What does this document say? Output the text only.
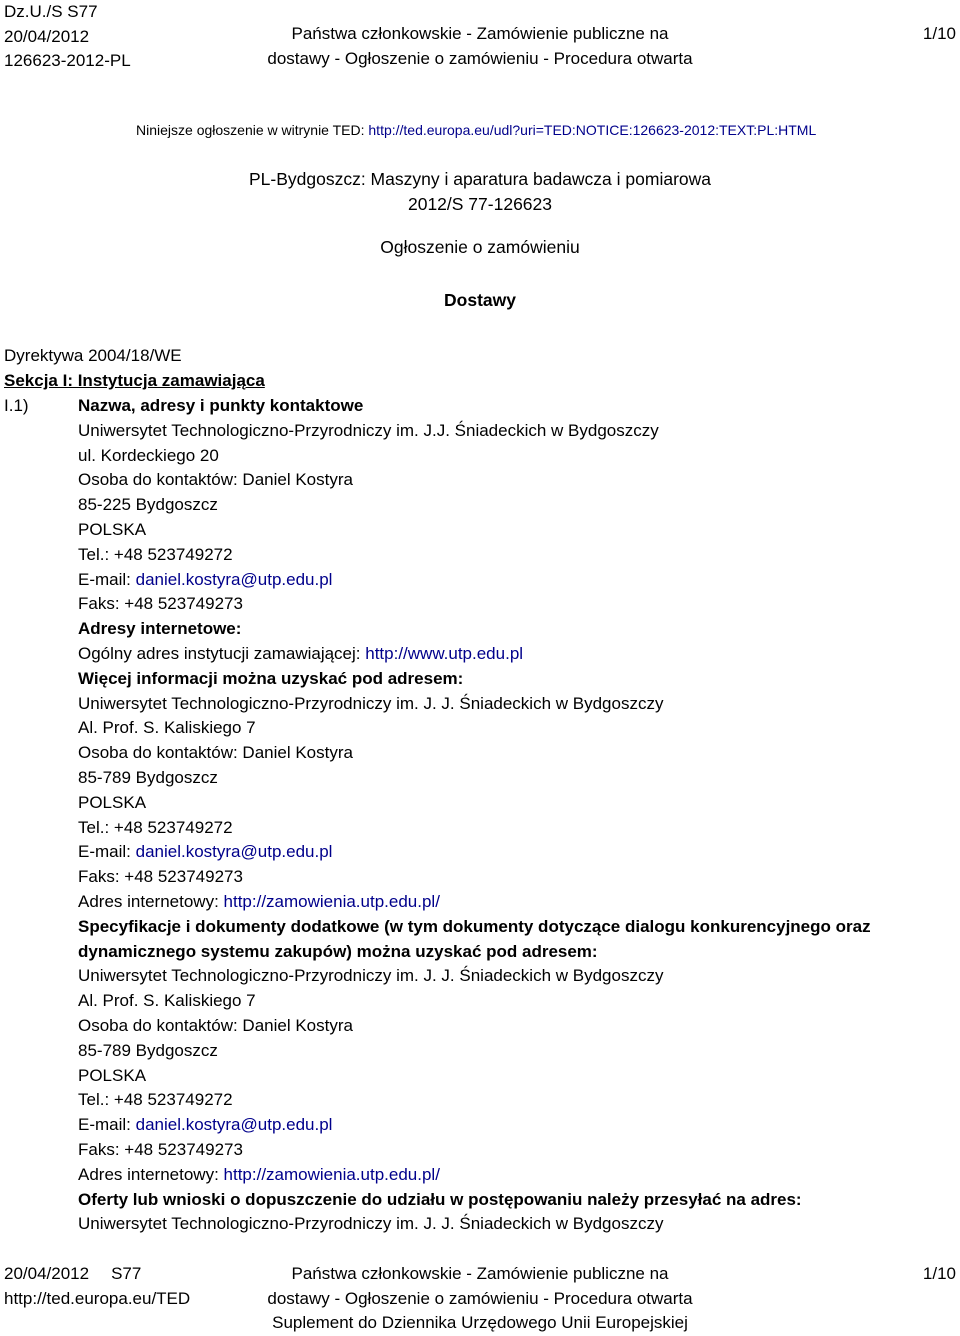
Dz.U./S S77
20/04/2012
126623-2012-PL
Państwa członkowskie - Zamówienie publiczne na
dostawy - Ogłoszenie o zamówieniu - Procedura otwarta
1/10
Niniejsze ogłoszenie w witrynie TED: http://ted.europa.eu/udl?uri=TED:NOTICE:126623-2012:TEXT:PL:HTML
PL-Bydgoszcz: Maszyny i aparatura badawcza i pomiarowa
2012/S 77-126623
Ogłoszenie o zamówieniu
Dostawy
Dyrektywa 2004/18/WE
Sekcja I: Instytucja zamawiająca
I.1)	Nazwa, adresy i punkty kontaktowe
Uniwersytet Technologiczno-Przyrodniczy im. J.J. Śniadeckich w Bydgoszczy
ul. Kordeckiego 20
Osoba do kontaktów: Daniel Kostyra
85-225 Bydgoszcz
POLSKA
Tel.: +48 523749272
E-mail: daniel.kostyra@utp.edu.pl
Faks: +48 523749273
Adresy internetowe:
Ogólny adres instytucji zamawiającej: http://www.utp.edu.pl
Więcej informacji można uzyskać pod adresem:
Uniwersytet Technologiczno-Przyrodniczy im. J. J. Śniadeckich w Bydgoszczy
Al. Prof. S. Kaliskiego 7
Osoba do kontaktów: Daniel Kostyra
85-789 Bydgoszcz
POLSKA
Tel.: +48 523749272
E-mail: daniel.kostyra@utp.edu.pl
Faks: +48 523749273
Adres internetowy: http://zamowienia.utp.edu.pl/
Specyfikacje i dokumenty dodatkowe (w tym dokumenty dotyczące dialogu konkurencyjnego oraz dynamicznego systemu zakupów) można uzyskać pod adresem:
Uniwersytet Technologiczno-Przyrodniczy im. J. J. Śniadeckich w Bydgoszczy
Al. Prof. S. Kaliskiego 7
Osoba do kontaktów: Daniel Kostyra
85-789 Bydgoszcz
POLSKA
Tel.: +48 523749272
E-mail: daniel.kostyra@utp.edu.pl
Faks: +48 523749273
Adres internetowy: http://zamowienia.utp.edu.pl/
Oferty lub wnioski o dopuszczenie do udziału w postępowaniu należy przesyłać na adres:
Uniwersytet Technologiczno-Przyrodniczy im. J. J. Śniadeckich w Bydgoszczy
20/04/2012 S77
http://ted.europa.eu/TED
Państwa członkowskie - Zamówienie publiczne na
dostawy - Ogłoszenie o zamówieniu - Procedura otwarta
Suplement do Dziennika Urzędowego Unii Europejskiej
1/10
